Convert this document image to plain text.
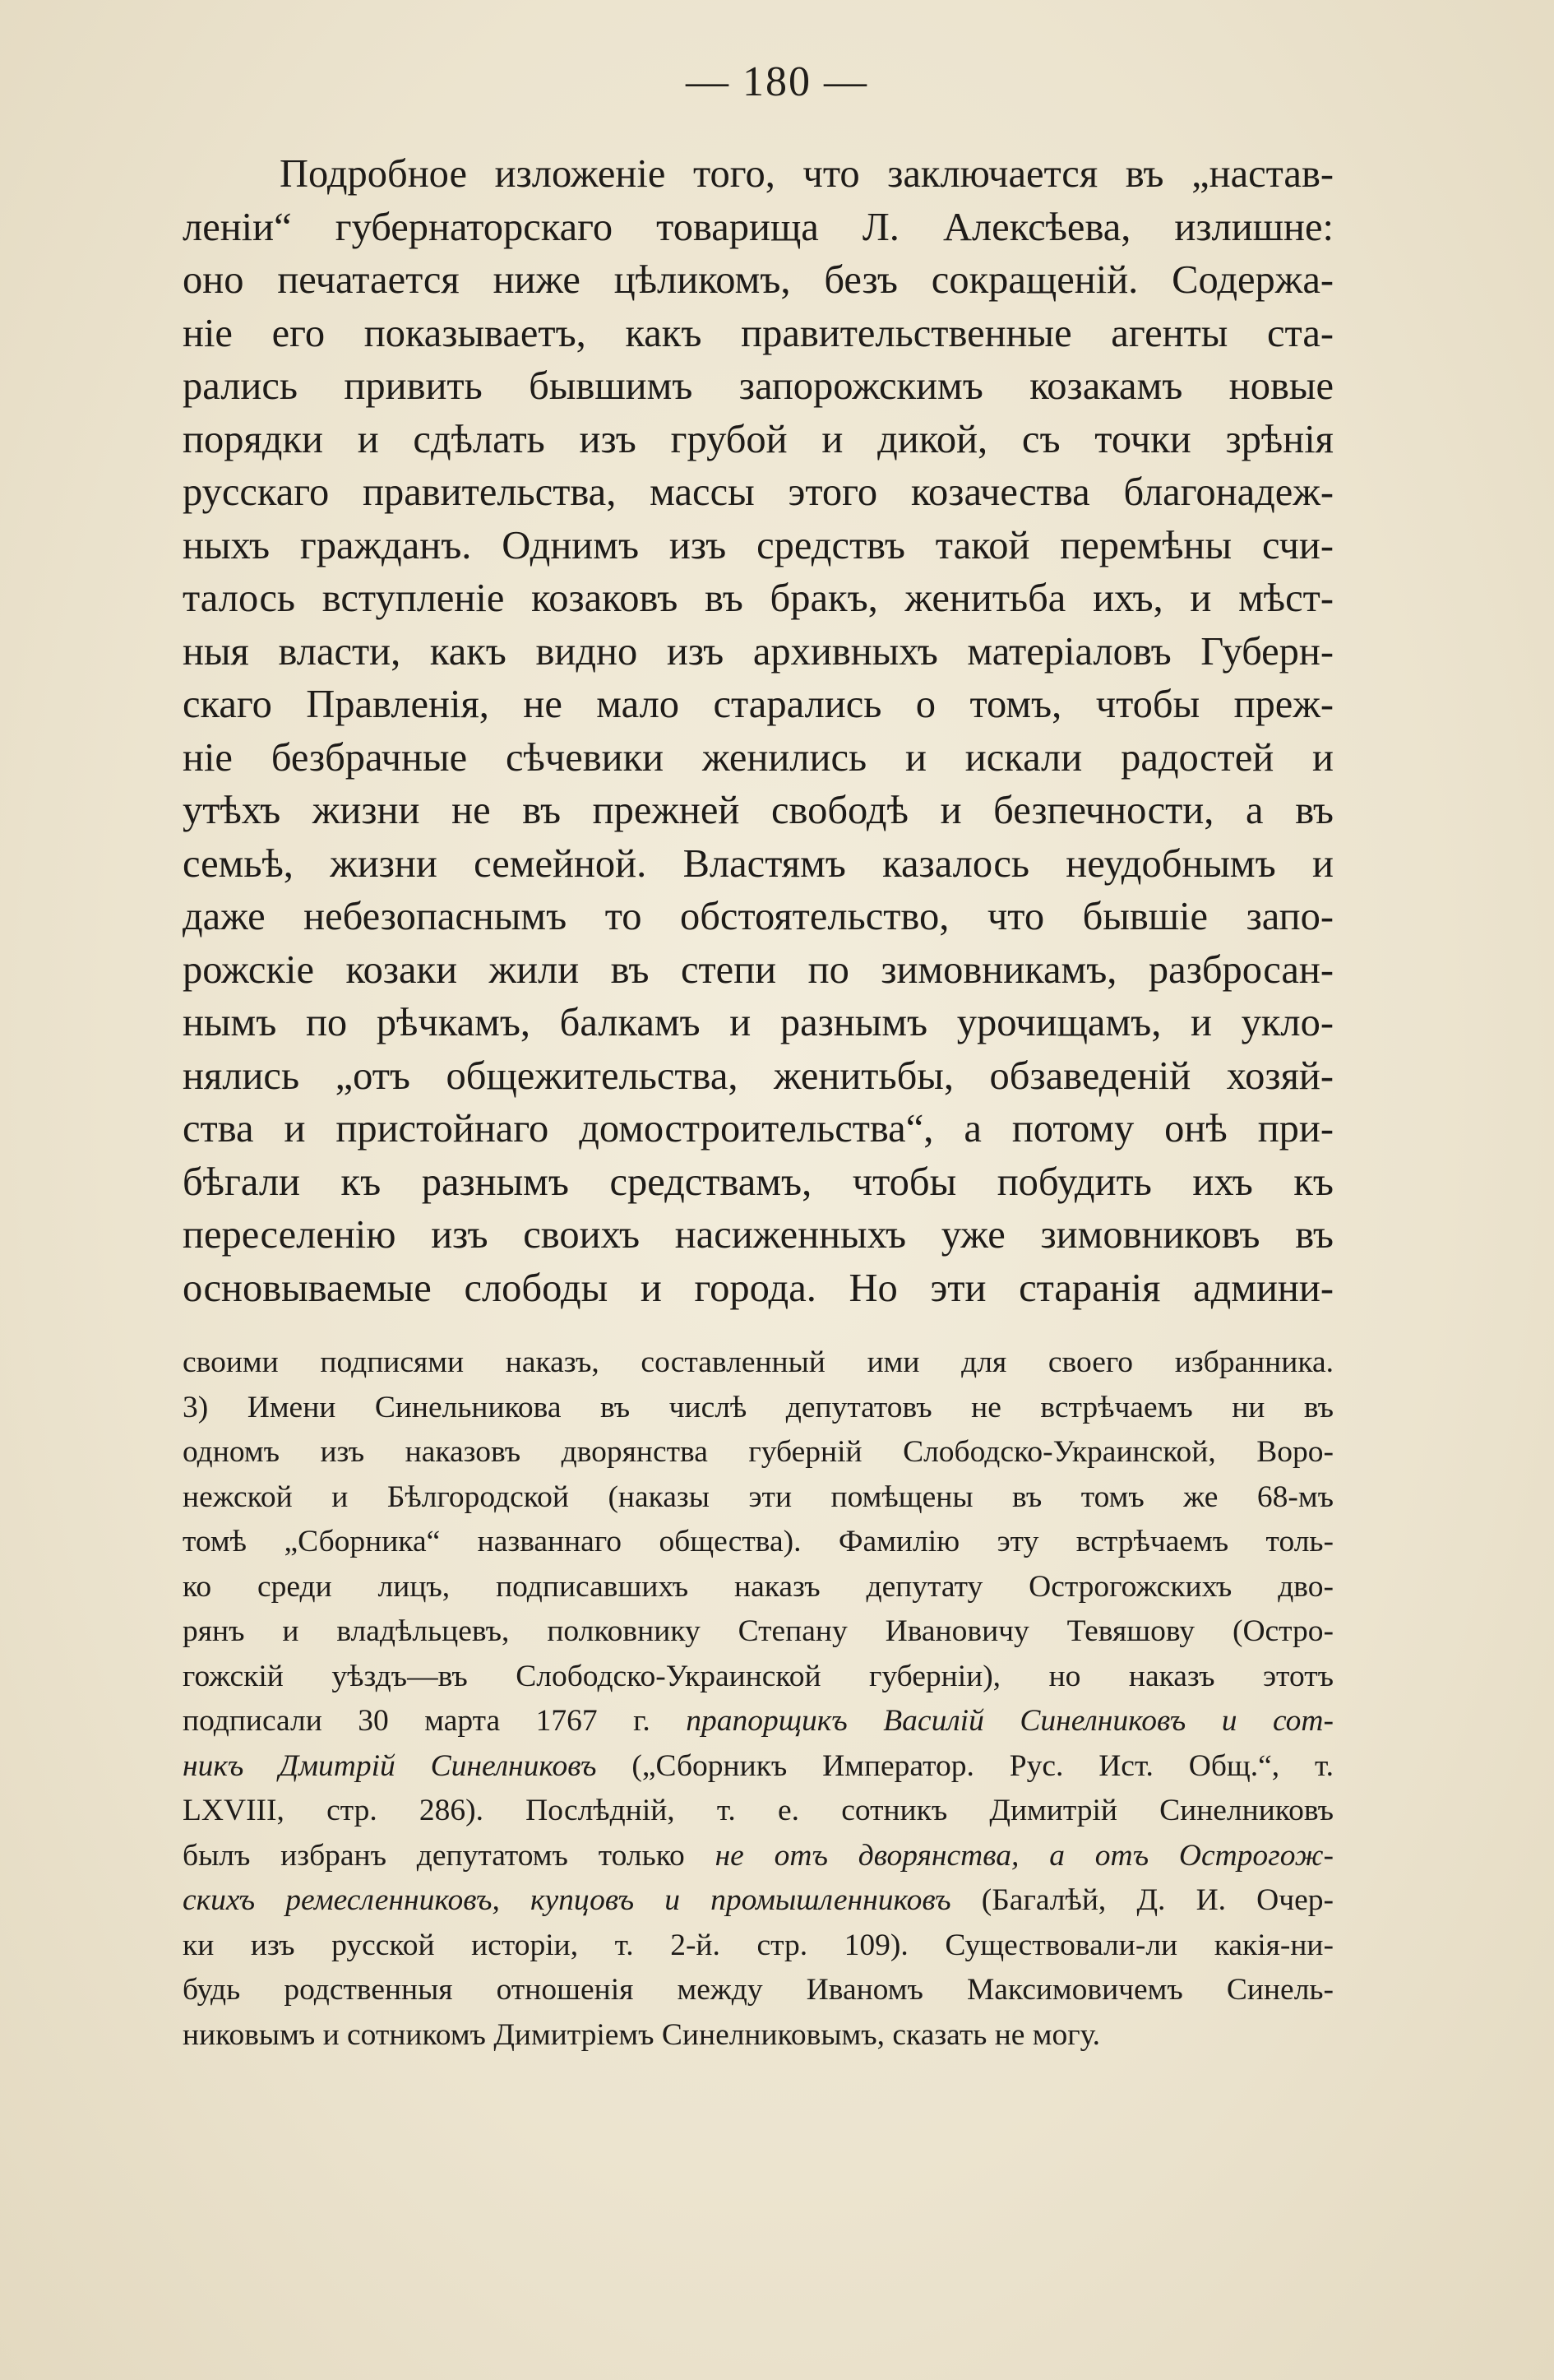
— 180 —
Подробное изложеніе того, что заключается въ „настав-
леніи“ губернаторскаго товарища Л. Алексѣева, излишне:
оно печатается ниже цѣликомъ, безъ сокращеній. Содержа-
ніе его показываетъ, какъ правительственные агенты ста-
рались привить бывшимъ запорожскимъ козакамъ новые
порядки и сдѣлать изъ грубой и дикой, съ точки зрѣнія
русскаго правительства, массы этого козачества благонадеж-
ныхъ гражданъ. Однимъ изъ средствъ такой перемѣны счи-
талось вступленіе козаковъ въ бракъ, женитьба ихъ, и мѣст-
ныя власти, какъ видно изъ архивныхъ матеріаловъ Губерн-
скаго Правленія, не мало старались о томъ, чтобы преж-
ніе безбрачные сѣчевики женились и искали радостей и
утѣхъ жизни не въ прежней свободѣ и безпечности, а въ
семьѣ, жизни семейной. Властямъ казалось неудобнымъ и
даже небезопаснымъ то обстоятельство, что бывшіе запо-
рожскіе козаки жили въ степи по зимовникамъ, разбросан-
нымъ по рѣчкамъ, балкамъ и разнымъ урочищамъ, и укло-
нялись „отъ общежительства, женитьбы, обзаведеній хозяй-
ства и пристойнаго домостроительства“, а потому онѣ при-
бѣгали къ разнымъ средствамъ, чтобы побудить ихъ къ
переселенію изъ своихъ насиженныхъ уже зимовниковъ въ
основываемые слободы и города. Но эти старанія админи-
своими подписями наказъ, составленный ими для своего избранника.
3) Имени Синельникова въ числѣ депутатовъ не встрѣчаемъ ни въ
одномъ изъ наказовъ дворянства губерній Слободско-Украинской, Воро-
нежской и Бѣлгородской (наказы эти помѣщены въ томъ же 68-мъ
томѣ „Сборника“ названнаго общества). Фамилію эту встрѣчаемъ толь-
ко среди лицъ, подписавшихъ наказъ депутату Острогожскихъ дво-
рянъ и владѣльцевъ, полковнику Степану Ивановичу Тевяшову (Остро-
гожскій уѣздъ—въ Слободско-Украинской губерніи), но наказъ этотъ
подписали 30 марта 1767 г. прапорщикъ Василій Синелниковъ и сот-
никъ Дмитрій Синелниковъ („Сборникъ Император. Рус. Ист. Общ.“, т.
LXVIII, стр. 286). Послѣдній, т. е. сотникъ Димитрій Синелниковъ
былъ избранъ депутатомъ только не отъ дворянства, а отъ Острогож-
скихъ ремесленниковъ, купцовъ и промышленниковъ (Багалѣй, Д. И. Очер-
ки изъ русской исторіи, т. 2-й. стр. 109). Существовали-ли какія-ни-
будь родственныя отношенія между Иваномъ Максимовичемъ Синель-
никовымъ и сотникомъ Димитріемъ Синелниковымъ, сказать не могу.
